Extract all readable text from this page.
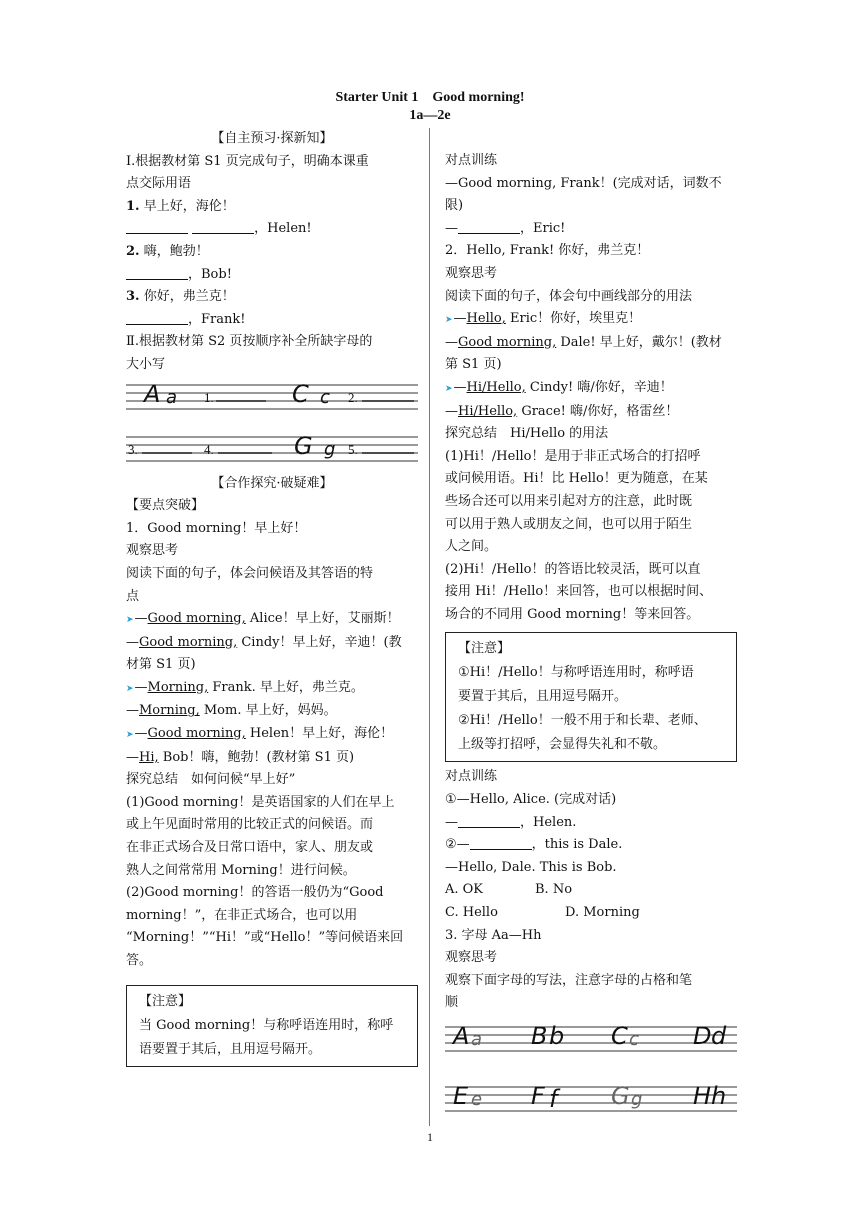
Starter Unit 1　Good morning!
1a—2e

【自主预习·探新知】

Ⅰ.根据教材第 S1 页完成句子，明确本课重

点交际用语

1. 早上好，海伦！

，Helen!

2. 嗨，鲍勃！

，Bob!

3. 你好，弗兰克！

，Frank!

Ⅱ.根据教材第 S2 页按顺序补全所缺字母的

大小写

A a 1.	C c 2.
3.	4.	G g 5.

【合作探究·破疑难】

【要点突破】

1．Good morning！早上好！

观察思考

阅读下面的句子，体会问候语及其答语的特

点

➤—Good morning, Alice！早上好，艾丽斯！

—Good morning, Cindy！早上好，辛迪！(教

材第 S1 页)

➤—Morning, Frank. 早上好，弗兰克。

—Morning, Mom. 早上好，妈妈。

➤—Good morning, Helen！早上好，海伦！

—Hi, Bob！嗨，鲍勃！(教材第 S1 页)

探究总结　如何问候“早上好”

(1)Good morning！是英语国家的人们在早上

或上午见面时常用的比较正式的问候语。而

在非正式场合及日常口语中，家人、朋友或

熟人之间常常用 Morning！进行问候。

(2)Good morning！的答语一般仍为“Good

morning！”，在非正式场合，也可以用

“Morning！”“Hi！”或“Hello！”等问候语来回

答。

【注意】

当 Good morning！与称呼语连用时，称呼

语要置于其后，且用逗号隔开。

对点训练

—Good morning, Frank！(完成对话，词数不

限)

—	，Eric!

2．Hello, Frank! 你好，弗兰克！

观察思考

阅读下面的句子，体会句中画线部分的用法

➤—Hello, Eric！你好，埃里克！

—Good morning, Dale! 早上好，戴尔！(教材

第 S1 页)

➤—Hi/Hello, Cindy! 嗨/你好，辛迪！

—Hi/Hello, Grace! 嗨/你好，格雷丝！

探究总结　Hi/Hello 的用法

(1)Hi！/Hello！是用于非正式场合的打招呼

或问候用语。Hi！比 Hello！更为随意，在某

些场合还可以用来引起对方的注意，此时既

可以用于熟人或朋友之间，也可以用于陌生

人之间。

(2)Hi！/Hello！的答语比较灵活，既可以直

接用 Hi！/Hello！来回答，也可以根据时间、

场合的不同用 Good morning！等来回答。

【注意】

①Hi！/Hello！与称呼语连用时，称呼语

要置于其后，且用逗号隔开。

②Hi！/Hello！一般不用于和长辈、老师、

上级等打招呼，会显得失礼和不敬。

对点训练

①—Hello, Alice. (完成对话)

—	，Helen.

②—	，this is Dale.

—Hello, Dale. This is Bob.

A. OK	B. No

C. Hello	D. Morning

3. 字母 Aa—Hh

观察思考

观察下面字母的写法，注意字母的占格和笔

顺

A a B b C c D d
E e F f G g H h
1
